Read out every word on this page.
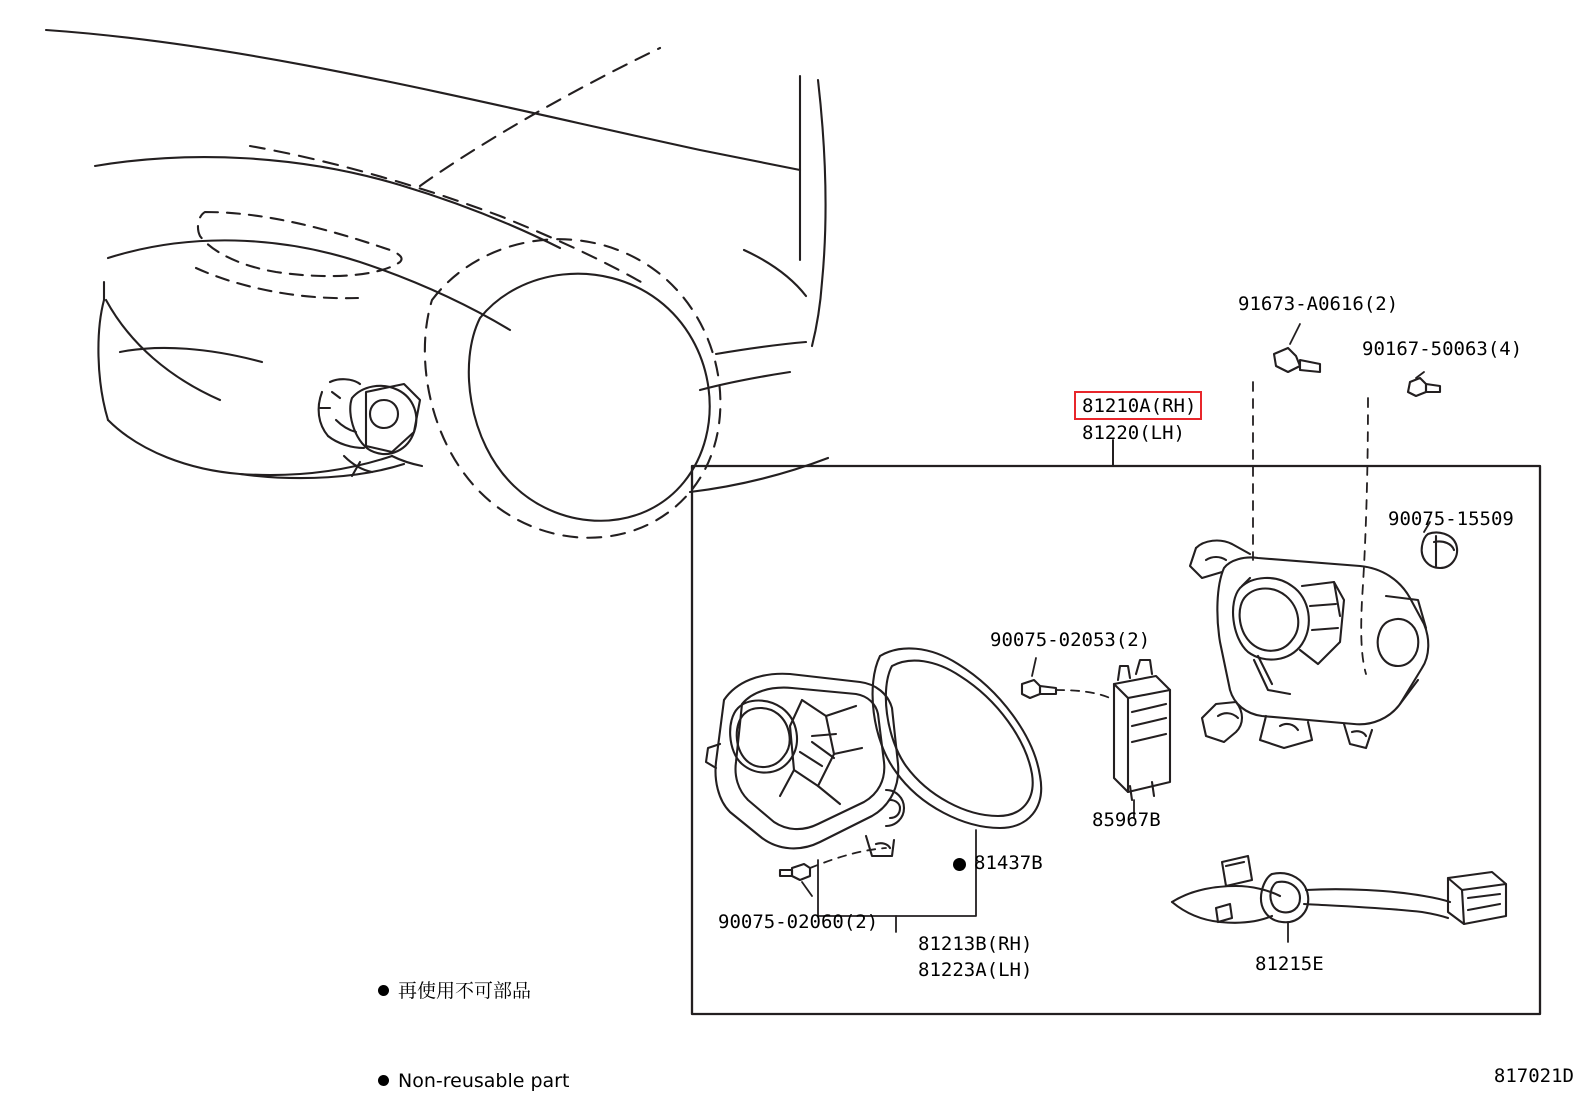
91673-A0616(2)
90167-50063(4)
81210A(RH)
81220(LH)
90075-15509
90075-02053(2)
85967B
81437B
90075-02060(2)
81213B(RH)
81223A(LH)	81215E

再使用不可部品

Non-reusable part

	817021D
